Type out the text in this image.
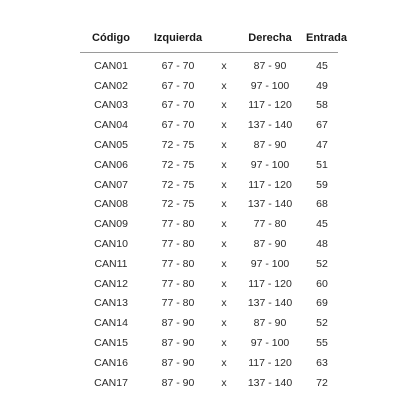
Código	Izquierda		Derecha	Entrada
CAN01	67 - 70	x	87 - 90	45
CAN02	67 - 70	x	97 - 100	49
CAN03	67 - 70	x	117 - 120	58
CAN04	67 - 70	x	137 - 140	67
CAN05	72 - 75	x	87 - 90	47
CAN06	72 - 75	x	97 - 100	51
CAN07	72 - 75	x	117 - 120	59
CAN08	72 - 75	x	137 - 140	68
CAN09	77 - 80	x	77 - 80	45
CAN10	77 - 80	x	87 - 90	48
CAN11	77 - 80	x	97 - 100	52
CAN12	77 - 80	x	117 - 120	60
CAN13	77 - 80	x	137 - 140	69
CAN14	87 - 90	x	87 - 90	52
CAN15	87 - 90	x	97 - 100	55
CAN16	87 - 90	x	117 - 120	63
CAN17	87 - 90	x	137 - 140	72
